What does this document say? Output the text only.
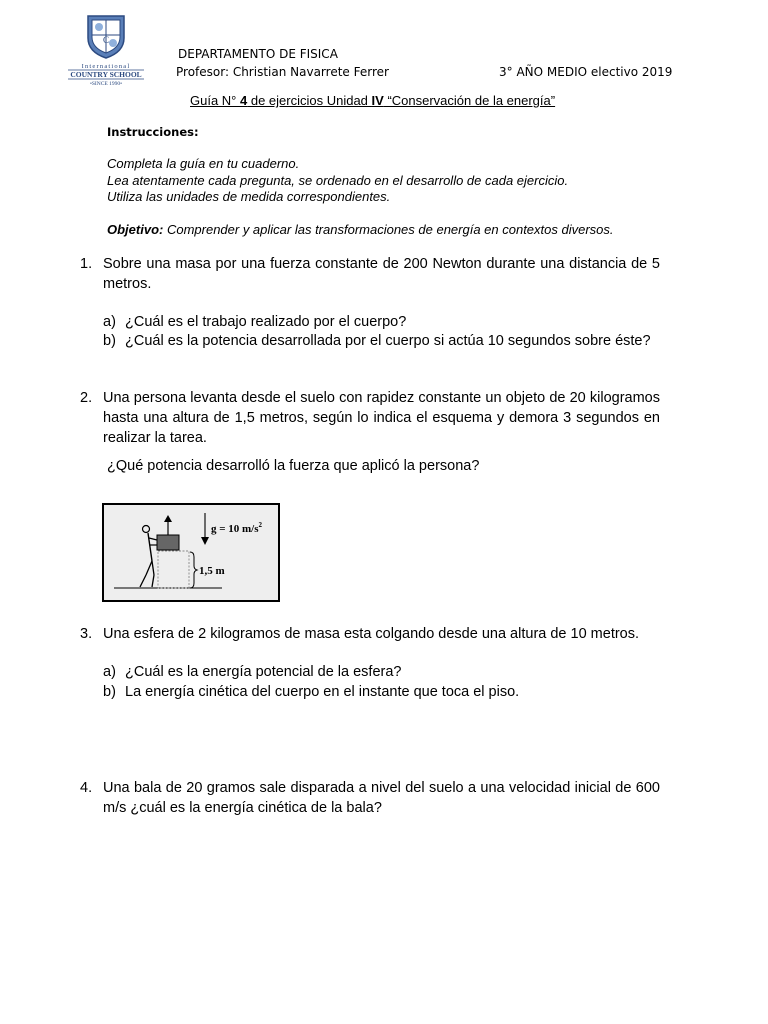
C
International
COUNTRY SCHOOL
•SINCE 1990•
DEPARTAMENTO DE FISICA
Profesor: Christian Navarrete Ferrer	3° AÑO MEDIO electivo 2019
Guía N° 4 de ejercicios Unidad IV “Conservación de la energía”
Instrucciones:
Completa la guía en tu cuaderno.
Lea atentamente cada pregunta, se ordenado en el desarrollo de cada ejercicio.
Utiliza las unidades de medida correspondientes.
Objetivo: Comprender y aplicar las transformaciones de energía en contextos diversos.
1. Sobre una masa por una fuerza constante de 200 Newton durante una distancia de 5 metros.
a) ¿Cuál es el trabajo realizado por el cuerpo?
b) ¿Cuál es la potencia desarrollada por el cuerpo si actúa 10 segundos sobre éste?
2. Una persona levanta desde el suelo con rapidez constante un objeto de 20 kilogramos hasta una altura de 1,5 metros, según lo indica el esquema y demora 3 segundos en realizar la tarea.
¿Qué potencia desarrolló la fuerza que aplicó la persona?
g = 10 $m/s^2$
1,5 m
3. Una esfera de 2 kilogramos de masa esta colgando desde una altura de 10 metros.
a) ¿Cuál es la energía potencial de la esfera?
b) La energía cinética del cuerpo en el instante que toca el piso.
4. Una bala de 20 gramos sale disparada a nivel del suelo a una velocidad inicial de 600 m/s ¿cuál es la energía cinética de la bala?
